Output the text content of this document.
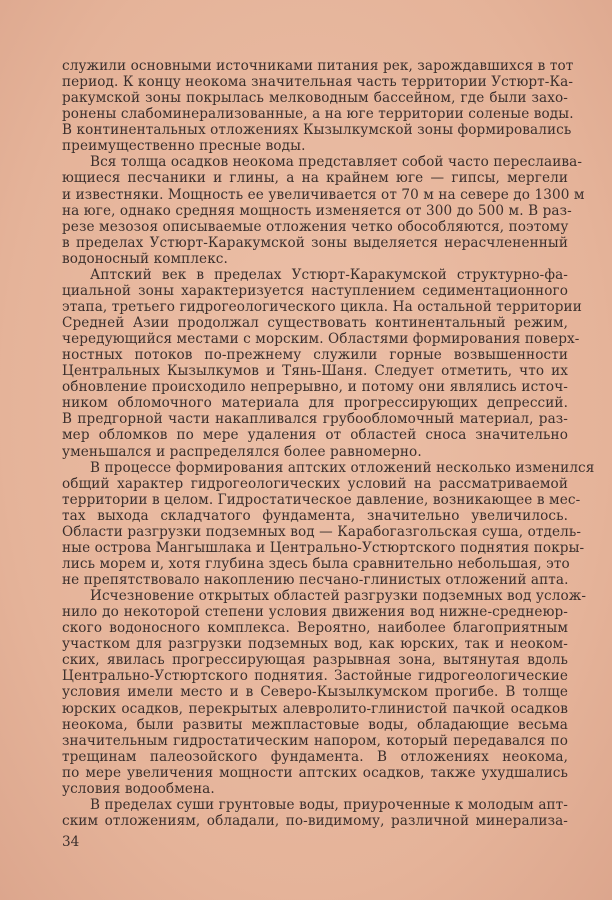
служили основными источниками питания рек, зарождавшихся в тот
период. К концу неокома значительная часть территории Устюрт-Ка-
ракумской зоны покрылась мелководным бассейном, где были захо-
ронены слабоминерализованные, а на юге территории соленые воды.
В континентальных отложениях Кызылкумской зоны формировались
преимущественно пресные воды.
Вся толща осадков неокома представляет собой часто переслаива-
ющиеся песчаники и глины, а на крайнем юге — гипсы, мергели
и известняки. Мощность ее увеличивается от 70 м на севере до 1300 м
на юге, однако средняя мощность изменяется от 300 до 500 м. В раз-
резе мезозоя описываемые отложения четко обособляются, поэтому
в пределах Устюрт-Каракумской зоны выделяется нерасчлененный
водоносный комплекс.
Аптский век в пределах Устюрт-Каракумской структурно-фа-
циальной зоны характеризуется наступлением седиментационного
этапа, третьего гидрогеологического цикла. На остальной территории
Средней Азии продолжал существовать континентальный режим,
чередующийся местами с морским. Областями формирования поверх-
ностных потоков по-прежнему служили горные возвышенности
Центральных Кызылкумов и Тянь-Шаня. Следует отметить, что их
обновление происходило непрерывно, и потому они являлись источ-
ником обломочного материала для прогрессирующих депрессий.
В предгорной части накапливался грубообломочный материал, раз-
мер обломков по мере удаления от областей сноса значительно
уменьшался и распределялся более равномерно.
В процессе формирования аптских отложений несколько изменился
общий характер гидрогеологических условий на рассматриваемой
территории в целом. Гидростатическое давление, возникающее в мес-
тах выхода складчатого фундамента, значительно увеличилось.
Области разгрузки подземных вод — Карабогазгольская суша, отдель-
ные острова Мангышлака и Центрально-Устюртского поднятия покры-
лись морем и, хотя глубина здесь была сравнительно небольшая, это
не препятствовало накоплению песчано-глинистых отложений апта.
Исчезновение открытых областей разгрузки подземных вод услож-
нило до некоторой степени условия движения вод нижне-среднеюр-
ского водоносного комплекса. Вероятно, наиболее благоприятным
участком для разгрузки подземных вод, как юрских, так и неоком-
ских, явилась прогрессирующая разрывная зона, вытянутая вдоль
Центрально-Устюртского поднятия. Застойные гидрогеологические
условия имели место и в Северо-Кызылкумском прогибе. В толще
юрских осадков, перекрытых алевролито-глинистой пачкой осадков
неокома, были развиты межпластовые воды, обладающие весьма
значительным гидростатическим напором, который передавался по
трещинам палеозойского фундамента. В отложениях неокома,
по мере увеличения мощности аптских осадков, также ухудшались
условия водообмена.
В пределах суши грунтовые воды, приуроченные к молодым апт-
ским отложениям, обладали, по-видимому, различной минерализа-
34
